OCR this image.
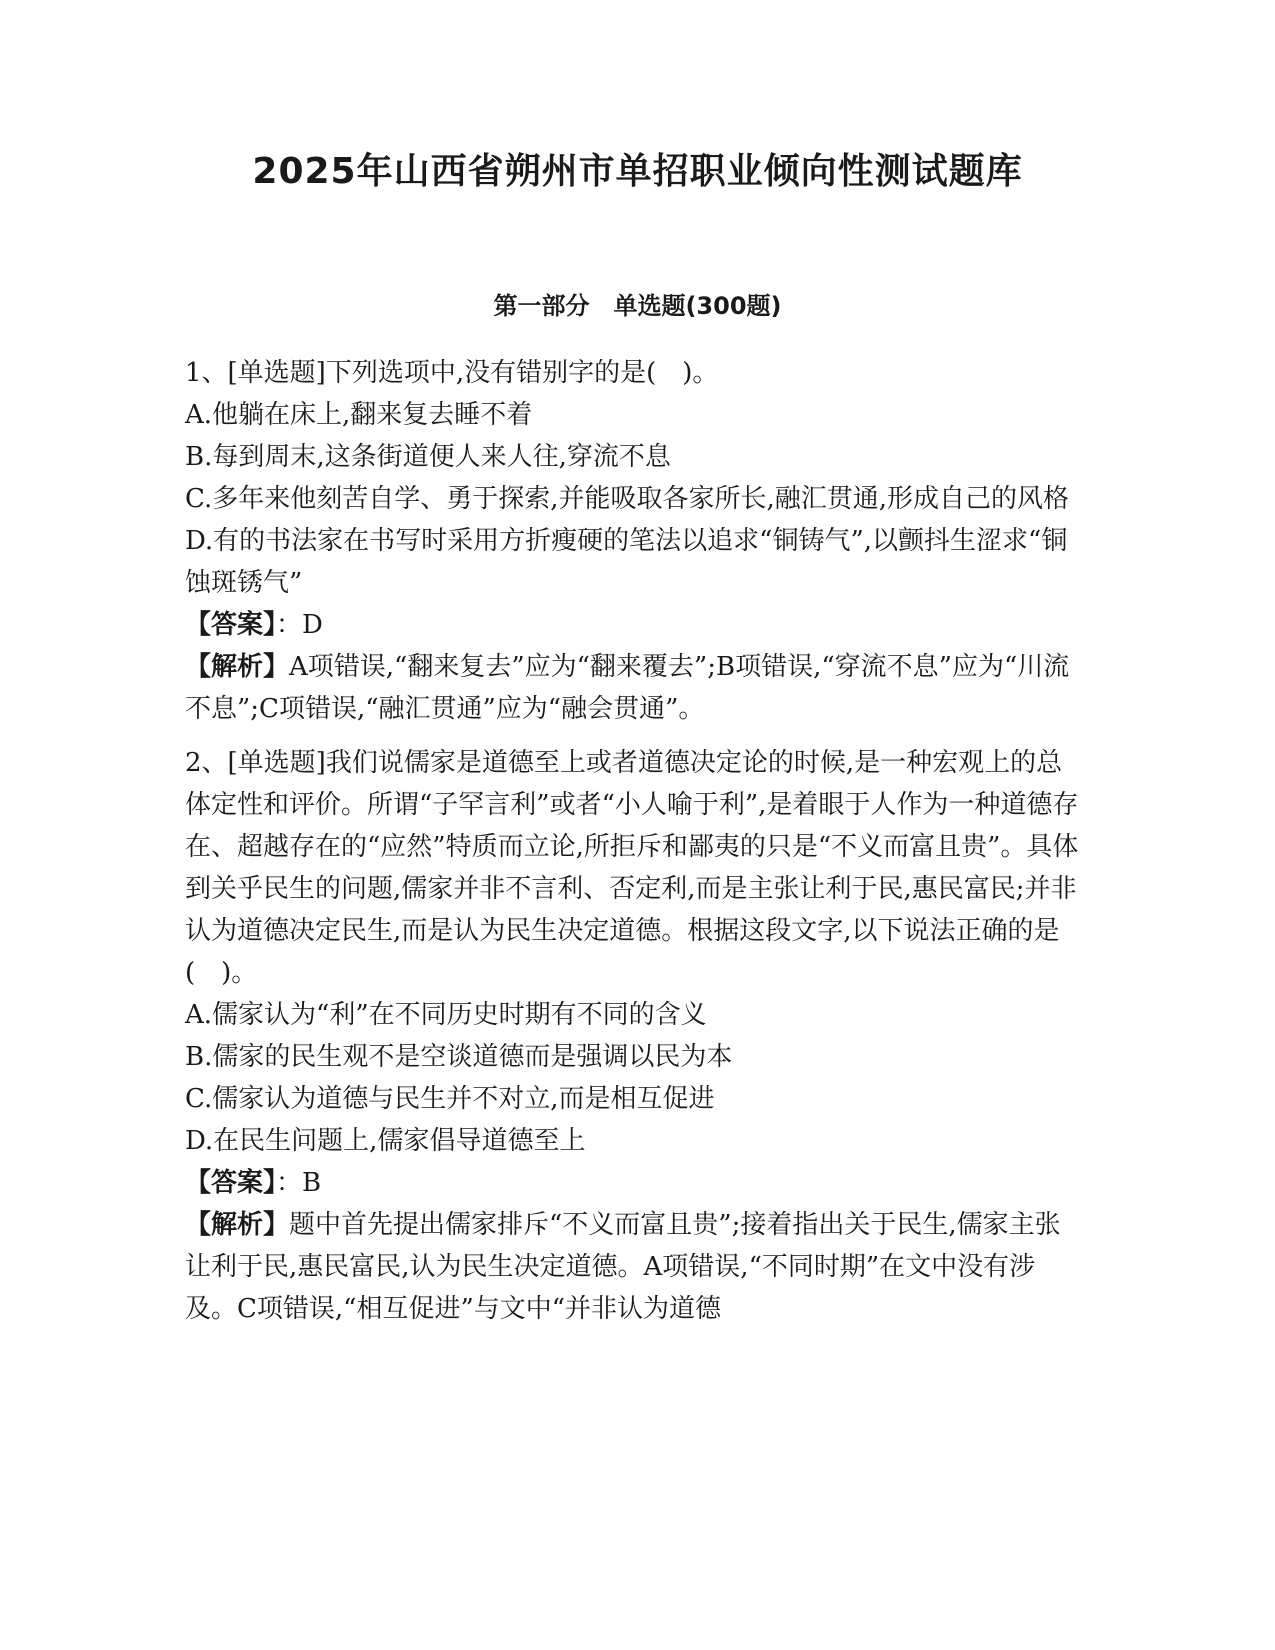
2025年山西省朔州市单招职业倾向性测试题库
第一部分　单选题(300题)

1、[单选题]下列选项中,没有错别字的是(　)。

A.他躺在床上,翻来复去睡不着

B.每到周末,这条街道便人来人往,穿流不息

C.多年来他刻苦自学、勇于探索,并能吸取各家所长,融汇贯通,形成自己的风格

D.有的书法家在书写时采用方折瘦硬的笔法以追求“铜铸气”,以颤抖生涩求“铜蚀斑锈气”

【答案】：D

【解析】A项错误,“翻来复去”应为“翻来覆去”;B项错误,“穿流不息”应为“川流不息”;C项错误,“融汇贯通”应为“融会贯通”。

2、[单选题]我们说儒家是道德至上或者道德决定论的时候,是一种宏观上的总体定性和评价。所谓“子罕言利”或者“小人喻于利”,是着眼于人作为一种道德存在、超越存在的“应然”特质而立论,所拒斥和鄙夷的只是“不义而富且贵”。具体到关乎民生的问题,儒家并非不言利、否定利,而是主张让利于民,惠民富民;并非认为道德决定民生,而是认为民生决定道德。根据这段文字,以下说法正确的是(　)。

A.儒家认为“利”在不同历史时期有不同的含义

B.儒家的民生观不是空谈道德而是强调以民为本

C.儒家认为道德与民生并不对立,而是相互促进

D.在民生问题上,儒家倡导道德至上

【答案】：B

【解析】题中首先提出儒家排斥“不义而富且贵”;接着指出关于民生,儒家主张让利于民,惠民富民,认为民生决定道德。A项错误,“不同时期”在文中没有涉及。C项错误,“相互促进”与文中“并非认为道德
